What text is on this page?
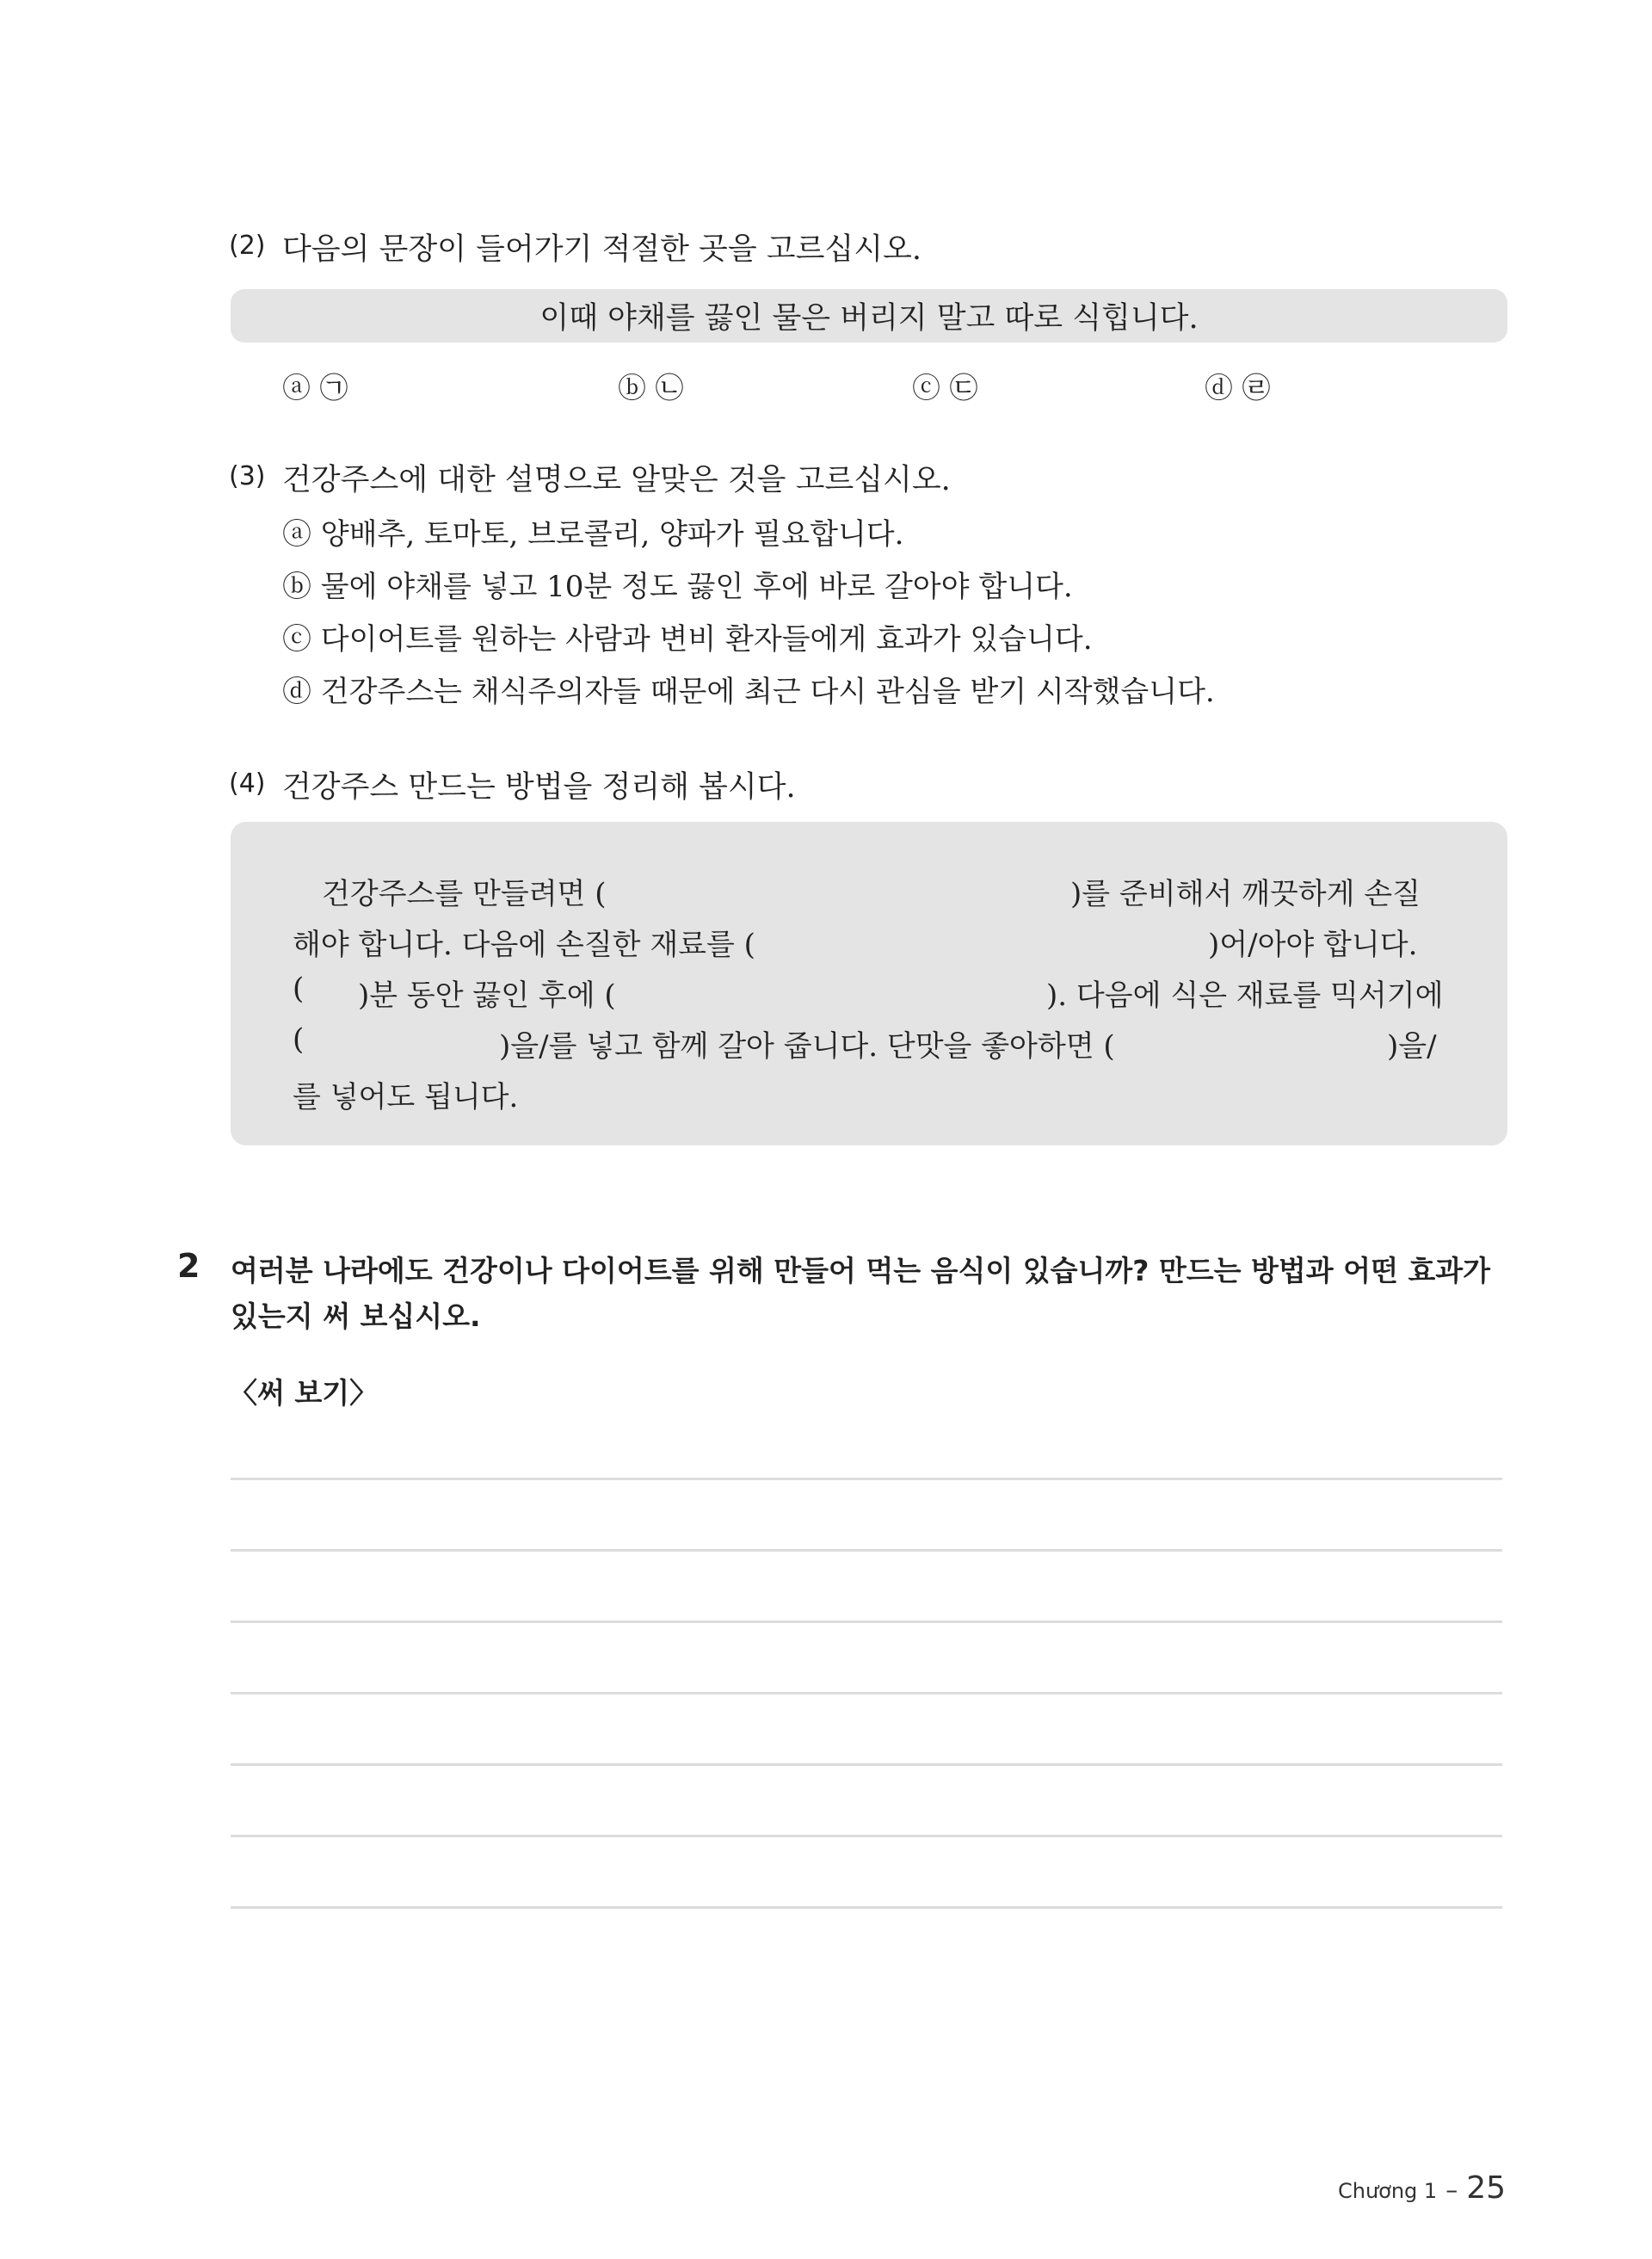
(2) 다음의 문장이 들어가기 적절한 곳을 고르십시오.
이때 야채를 끓인 물은 버리지 말고 따로 식힙니다.
ⓐ ㉠	ⓑ ㉡	ⓒ ㉢	ⓓ ㉣
(3) 건강주스에 대한 설명으로 알맞은 것을 고르십시오.
ⓐ 양배추, 토마토, 브로콜리, 양파가 필요합니다.
ⓑ 물에 야채를 넣고 10분 정도 끓인 후에 바로 갈아야 합니다.
ⓒ 다이어트를 원하는 사람과 변비 환자들에게 효과가 있습니다.
ⓓ 건강주스는 채식주의자들 때문에 최근 다시 관심을 받기 시작했습니다.
(4) 건강주스 만드는 방법을 정리해 봅시다.
건강주스를 만들려면 (	)를 준비해서 깨끗하게 손질
해야 합니다. 다음에 손질한 재료를 (	)어/아야 합니다.
( )분 동안 끓인 후에 (	). 다음에 식은 재료를 믹서기에
(	)을/를 넣고 함께 갈아 줍니다. 단맛을 좋아하면 (	)을/
를 넣어도 됩니다.
2 여러분 나라에도 건강이나 다이어트를 위해 만들어 먹는 음식이 있습니까? 만드는 방법과 어떤 효과가
있는지 써 보십시오.
〈써 보기〉
Chương 1 – 25
